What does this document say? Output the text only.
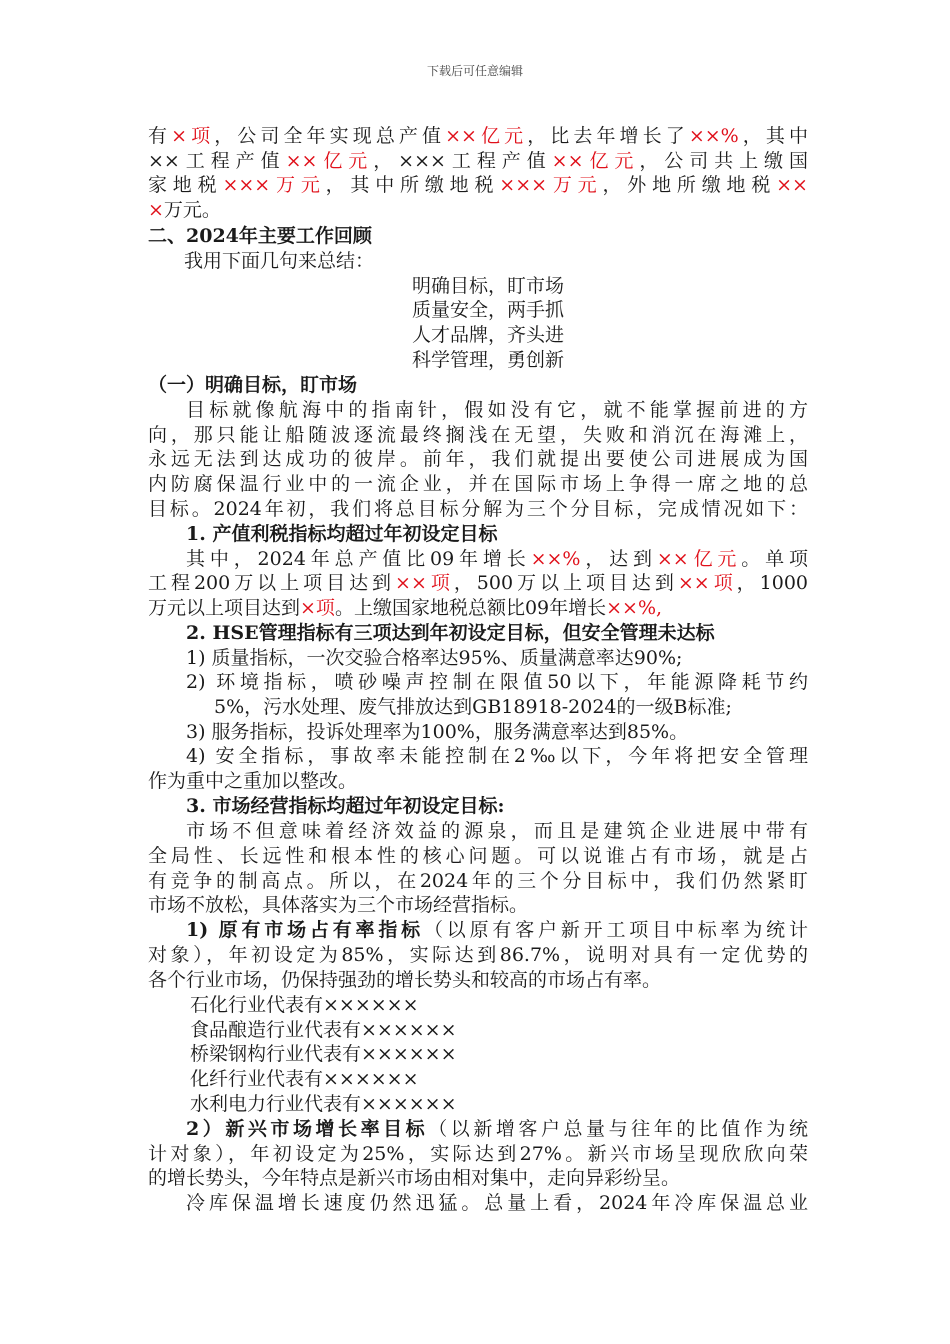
下载后可任意编辑
有×项，公司全年实现总产值××亿元，比去年增长了××%，其中
××工程产值××亿元，×××工程产值××亿元，公司共上缴国
家地税×××万元，其中所缴地税×××万元，外地所缴地税××
×万元。
二、2024年主要工作回顾
我用下面几句来总结：
明确目标，盯市场
质量安全，两手抓
人才品牌，齐头进
科学管理，勇创新
（一）明确目标，盯市场
目标就像航海中的指南针，假如没有它，就不能掌握前进的方
向，那只能让船随波逐流最终搁浅在无望，失败和消沉在海滩上，
永远无法到达成功的彼岸。前年，我们就提出要使公司进展成为国
内防腐保温行业中的一流企业，并在国际市场上争得一席之地的总
目标。2024年初，我们将总目标分解为三个分目标，完成情况如下：
1. 产值利税指标均超过年初设定目标
其中，2024年总产值比09年增长××%，达到××亿元。单项
工程200万以上项目达到××项，500万以上项目达到××项，1000
万元以上项目达到×项。上缴国家地税总额比09年增长××%,
2. HSE管理指标有三项达到年初设定目标，但安全管理未达标
1) 质量指标，一次交验合格率达95%、质量满意率达90%;
2) 环境指标，喷砂噪声控制在限值50以下，年能源降耗节约
5%，污水处理、废气排放达到GB18918-2024的一级B标准;
3) 服务指标，投诉处理率为100%，服务满意率达到85%。
4) 安全指标，事故率未能控制在2‰以下，今年将把安全管理
作为重中之重加以整改。
3. 市场经营指标均超过年初设定目标:
市场不但意味着经济效益的源泉，而且是建筑企业进展中带有
全局性、长远性和根本性的核心问题。可以说谁占有市场，就是占
有竞争的制高点。所以，在2024年的三个分目标中，我们仍然紧盯
市场不放松，具体落实为三个市场经营指标。
1) 原有市场占有率指标（以原有客户新开工项目中标率为统计
对象），年初设定为85%，实际达到86.7%，说明对具有一定优势的
各个行业市场，仍保持强劲的增长势头和较高的市场占有率。
石化行业代表有××××××
食品酿造行业代表有××××××
桥梁钢构行业代表有××××××
化纤行业代表有××××××
水利电力行业代表有××××××
2）新兴市场增长率目标（以新增客户总量与往年的比值作为统
计对象），年初设定为25%，实际达到27%。新兴市场呈现欣欣向荣
的增长势头，今年特点是新兴市场由相对集中，走向异彩纷呈。
冷库保温增长速度仍然迅猛。总量上看，2024年冷库保温总业
